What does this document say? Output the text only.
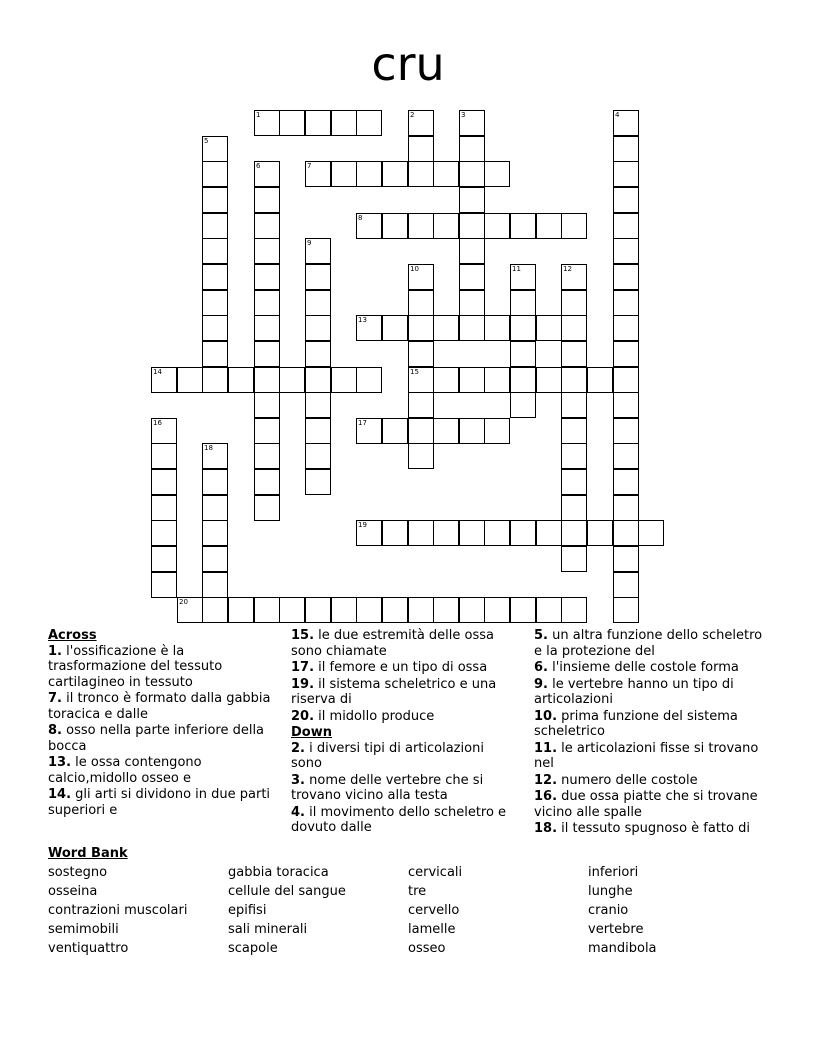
cru
1	2	3	4
5
6	7
8
9
10
15
11	12
13
14
16	17
18
19
20
Across
1. l'ossificazione è la trasformazione del tessuto cartilagineo in tessuto
7. il tronco è formato dalla gabbia toracica e dalle
8. osso nella parte inferiore della bocca
13. le ossa contengono calcio,midollo osseo e
14. gli arti si dividono in due parti superiori e
15. le due estremità delle ossa sono chiamate
17. il femore e un tipo di ossa
19. il sistema scheletrico e una riserva di
20. il midollo produce
Down
2. i diversi tipi di articolazioni sono
3. nome delle vertebre che si trovano vicino alla testa
4. il movimento dello scheletro e dovuto dalle
5. un altra funzione dello scheletro e la protezione del
6. l'insieme delle costole forma
9. le vertebre hanno un tipo di articolazioni
10. prima funzione del sistema scheletrico
11. le articolazioni fisse si trovano nel
12. numero delle costole
16. due ossa piatte che si trovane vicino alle spalle
18. il tessuto spugnoso è fatto di
Word Bank
sostegno	gabbia toracica	cervicali	inferiori
osseina	cellule del sangue	tre	lunghe
contrazioni muscolari	epifisi	cervello	cranio
semimobili	sali minerali	lamelle	vertebre
ventiquattro	scapole	osseo	mandibola
